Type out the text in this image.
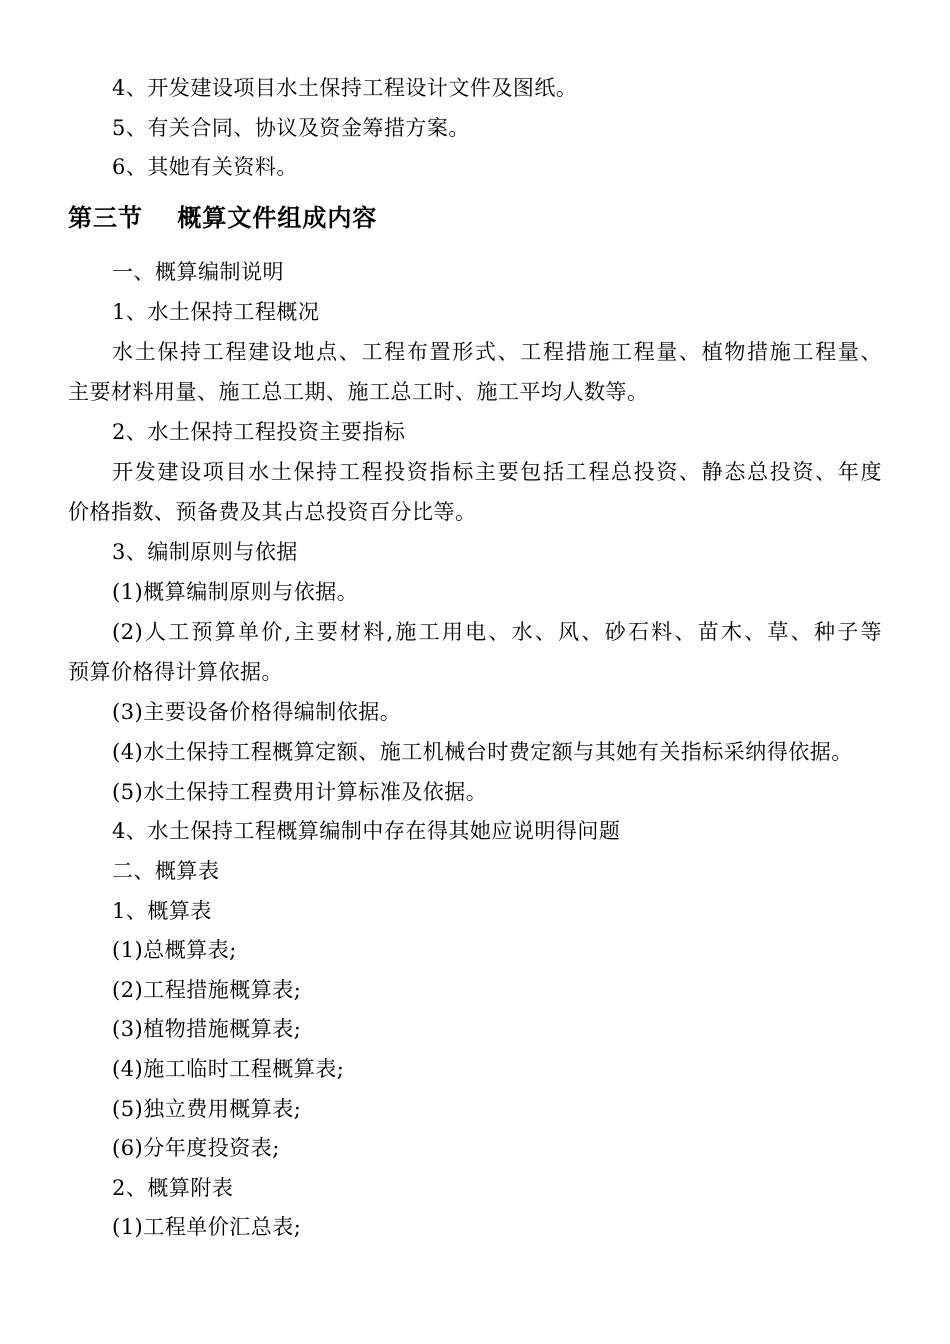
4、开发建设项目水土保持工程设计文件及图纸。
5、有关合同、协议及资金筹措方案。
6、其她有关资料。
第三节　 概算文件组成内容
一、概算编制说明
1、水土保持工程概况
水土保持工程建设地点、工程布置形式、工程措施工程量、植物措施工程量、
主要材料用量、施工总工期、施工总工时、施工平均人数等。
2、水土保持工程投资主要指标
开发建设项目水土保持工程投资指标主要包括工程总投资、静态总投资、年度
价格指数、预备费及其占总投资百分比等。
3、编制原则与依据
(1)概算编制原则与依据。
(2)人工预算单价,主要材料,施工用电、水、风、砂石料、苗木、草、种子等
预算价格得计算依据。
(3)主要设备价格得编制依据。
(4)水土保持工程概算定额、施工机械台时费定额与其她有关指标采纳得依据。
(5)水土保持工程费用计算标准及依据。
4、水土保持工程概算编制中存在得其她应说明得问题
二、概算表
1、概算表
(1)总概算表;
(2)工程措施概算表;
(3)植物措施概算表;
(4)施工临时工程概算表;
(5)独立费用概算表;
(6)分年度投资表;
2、概算附表
(1)工程单价汇总表;
